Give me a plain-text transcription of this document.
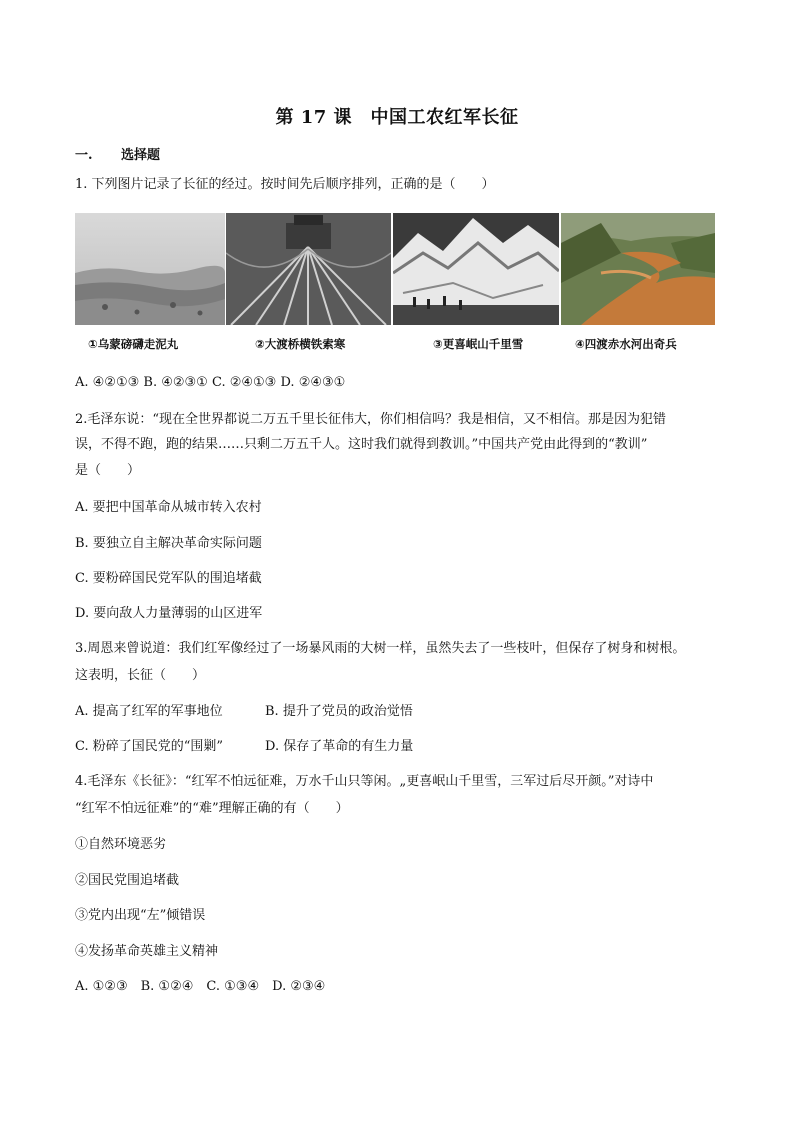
第 17 课　中国工农红军长征
一. 选择题
1. 下列图片记录了长征的经过。按时间先后顺序排列，正确的是（　　）
①乌蒙磅礴走泥丸	②大渡桥横铁索寒	③更喜岷山千里雪	④四渡赤水河出奇兵
A. ④②①③ B. ④②③① C. ②④①③ D. ②④③①
2.毛泽东说：“现在全世界都说二万五千里长征伟大，你们相信吗？我是相信，又不相信。那是因为犯错
误，不得不跑，跑的结果……只剩二万五千人。这时我们就得到教训。”中国共产党由此得到的“教训”
是（　　）
A. 要把中国革命从城市转入农村
B. 要独立自主解决革命实际问题
C. 要粉碎国民党军队的围追堵截
D. 要向敌人力量薄弱的山区进军
3.周恩来曾说道：我们红军像经过了一场暴风雨的大树一样，虽然失去了一些枝叶，但保存了树身和树根。
这表明，长征（　　）
A. 提高了红军的军事地位	B. 提升了党员的政治觉悟
C. 粉碎了国民党的“围剿”	D. 保存了革命的有生力量
4.毛泽东《长征》：“红军不怕远征难，万水千山只等闲。„更喜岷山千里雪，三军过后尽开颜。”对诗中
“红军不怕远征难”的“难”理解正确的有（　　）
①自然环境恶劣
②国民党围追堵截
③党内出现“左”倾错误
④发扬革命英雄主义精神
A. ①②③　B. ①②④　C. ①③④　D. ②③④
